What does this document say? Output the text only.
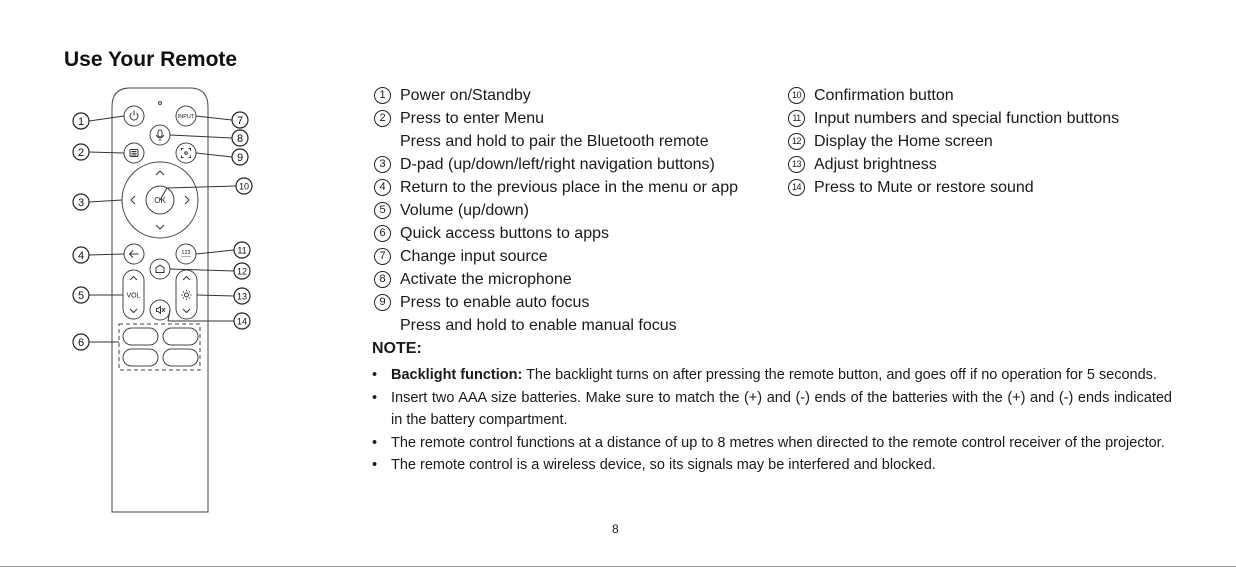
Use Your Remote
INPUT
OK
VOL
123
1
2
3
4
5
6
7
8
9
10
11
12
13
14
1 Power on/Standby
2 Press to enter Menu
Press and hold to pair the Bluetooth remote
3 D-pad (up/down/left/right navigation buttons)
4 Return to the previous place in the menu or app
5 Volume (up/down)
6 Quick access buttons to apps
7 Change input source
8 Activate the microphone
9 Press to enable auto focus
Press and hold to enable manual focus
10 Confirmation button
11 Input numbers and special function buttons
12 Display the Home screen
13 Adjust brightness
14 Press to Mute or restore sound
NOTE:
• Backlight function: The backlight turns on after pressing the remote button, and goes off if no operation for 5 seconds.
• Insert two AAA size batteries. Make sure to match the (+) and (-) ends of the batteries with the (+) and (-) ends indicated in the battery compartment.
• The remote control functions at a distance of up to 8 metres when directed to the remote control receiver of the projector.
• The remote control is a wireless device, so its signals may be interfered and blocked.
8
